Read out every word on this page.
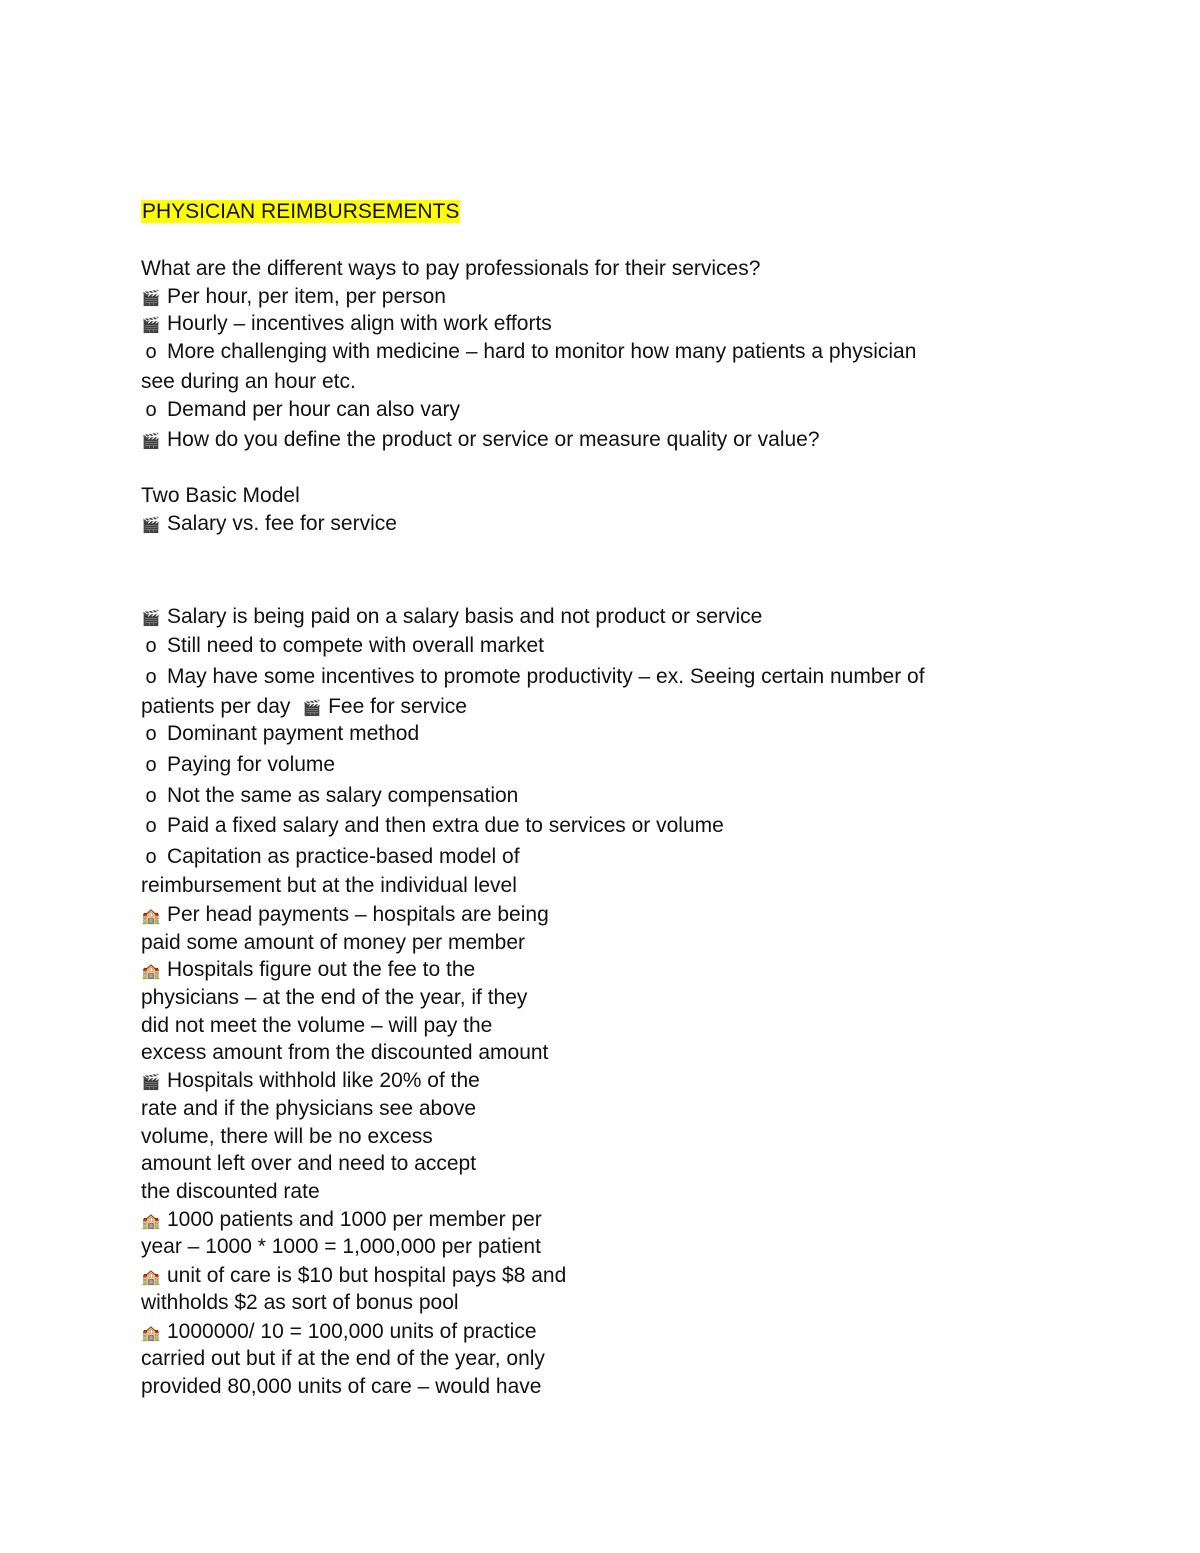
PHYSICIAN REIMBURSEMENTS
What are the different ways to pay professionals for their services?
🎬Per hour, per item, per person
🎬Hourly – incentives align with work efforts
oMore challenging with medicine – hard to monitor how many patients a physician
see during an hour etc.
oDemand per hour can also vary
🎬How do you define the product or service or measure quality or value?
Two Basic Model
🎬Salary vs. fee for service
🎬Salary is being paid on a salary basis and not product or service
oStill need to compete with overall market
oMay have some incentives to promote productivity – ex. Seeing certain number of
patients per day  🎬Fee for service
oDominant payment method
oPaying for volume
oNot the same as salary compensation
oPaid a fixed salary and then extra due to services or volume
oCapitation as practice-based model of
reimbursement but at the individual level
🏫Per head payments – hospitals are being
paid some amount of money per member
🏫Hospitals figure out the fee to the
physicians – at the end of the year, if they
did not meet the volume – will pay the
excess amount from the discounted amount
🎬Hospitals withhold like 20% of the
rate and if the physicians see above
volume, there will be no excess
amount left over and need to accept
the discounted rate
🏫1000 patients and 1000 per member per
year – 1000 * 1000 = 1,000,000 per patient
🏫unit of care is $10 but hospital pays $8 and
withholds $2 as sort of bonus pool
🏫1000000/ 10 = 100,000 units of practice
carried out but if at the end of the year, only
provided 80,000 units of care – would have
